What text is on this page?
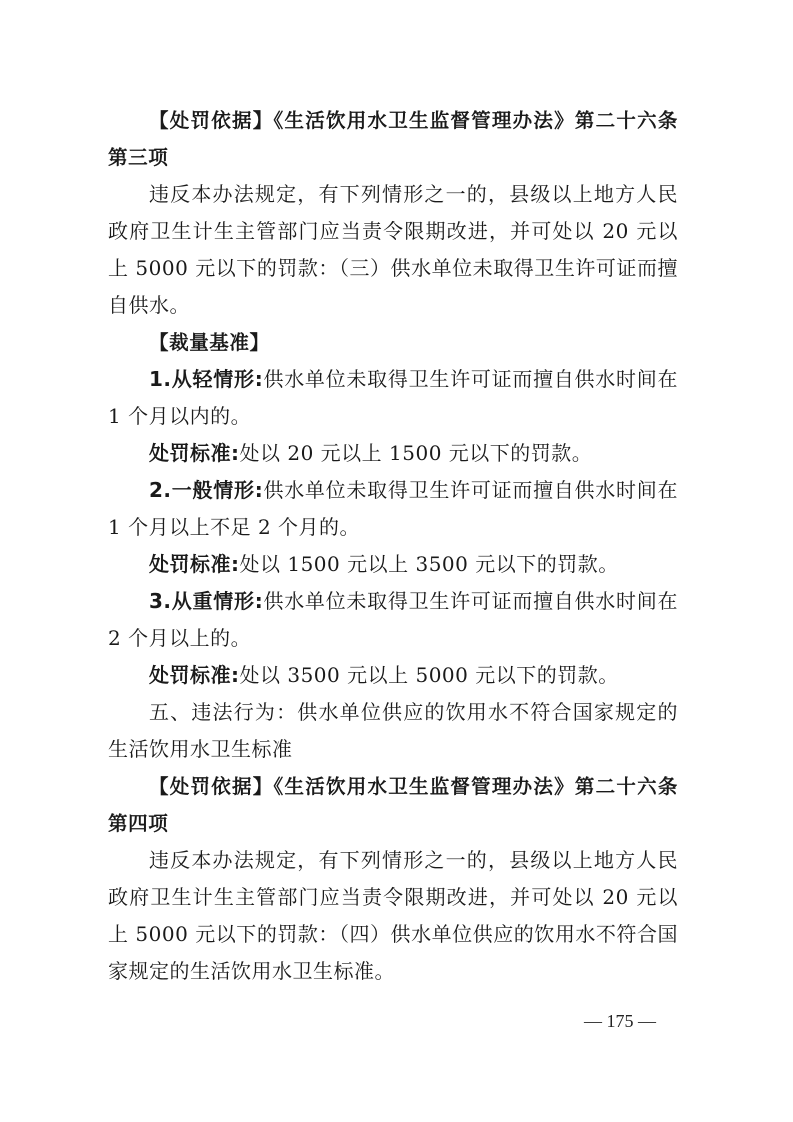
【处罚依据】《生活饮用水卫生监督管理办法》第二十六条第三项

违反本办法规定，有下列情形之一的，县级以上地方人民政府卫生计生主管部门应当责令限期改进，并可处以 20 元以上 5000 元以下的罚款：（三）供水单位未取得卫生许可证而擅自供水。

【裁量基准】

1.从轻情形:供水单位未取得卫生许可证而擅自供水时间在 1 个月以内的。

处罚标准:处以 20 元以上 1500 元以下的罚款。

2.一般情形:供水单位未取得卫生许可证而擅自供水时间在 1 个月以上不足 2 个月的。

处罚标准:处以 1500 元以上 3500 元以下的罚款。

3.从重情形:供水单位未取得卫生许可证而擅自供水时间在 2 个月以上的。

处罚标准:处以 3500 元以上 5000 元以下的罚款。

五、违法行为：供水单位供应的饮用水不符合国家规定的生活饮用水卫生标准

【处罚依据】《生活饮用水卫生监督管理办法》第二十六条第四项

违反本办法规定，有下列情形之一的，县级以上地方人民政府卫生计生主管部门应当责令限期改进，并可处以 20 元以上 5000 元以下的罚款：（四）供水单位供应的饮用水不符合国家规定的生活饮用水卫生标准。

— 175 —
